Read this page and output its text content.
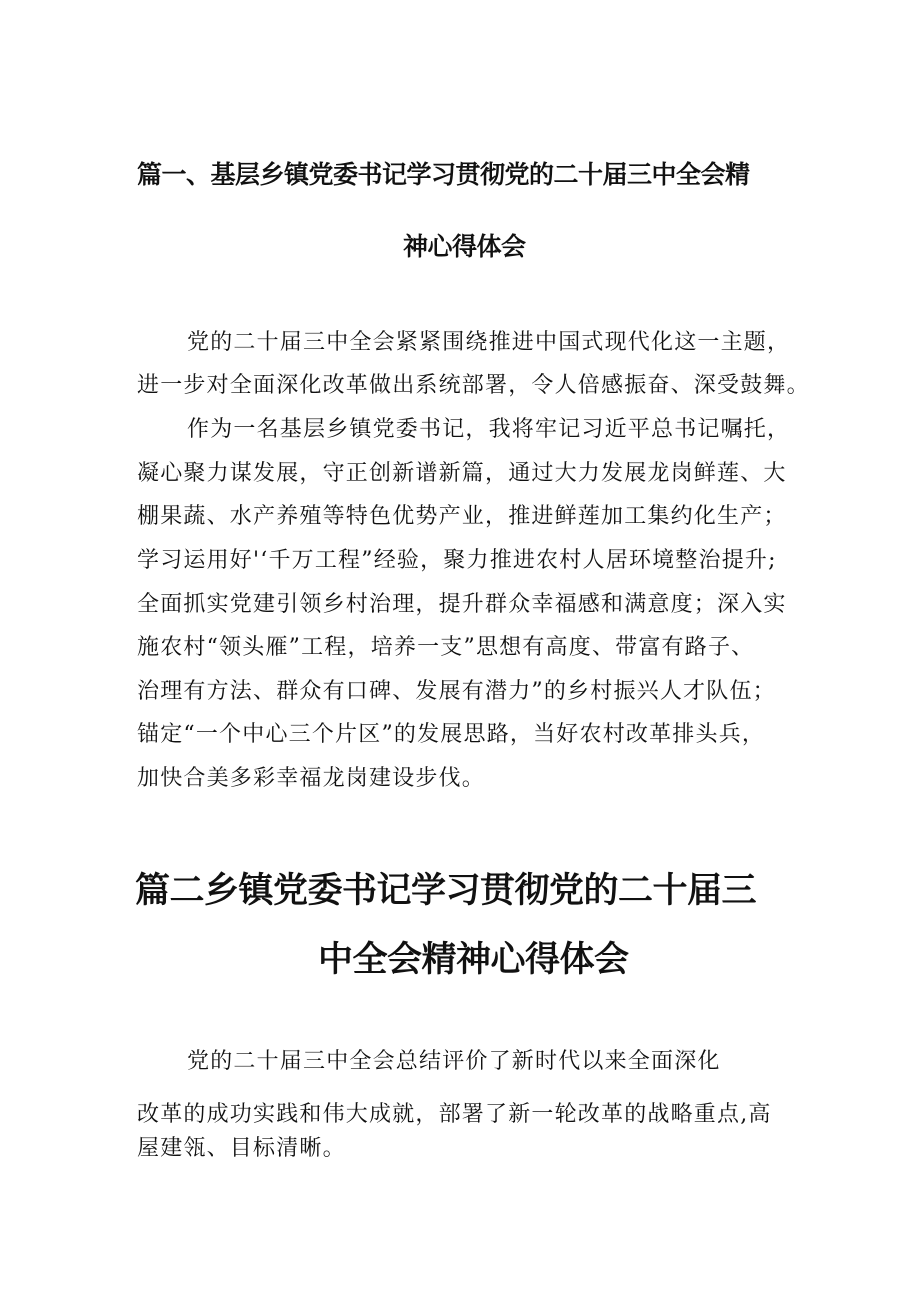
篇一、基层乡镇党委书记学习贯彻党的二十届三中全会精
神心得体会

党的二十届三中全会紧紧围绕推进中国式现代化这一主题，

进一步对全面深化改革做出系统部署，令人倍感振奋、深受鼓舞。

作为一名基层乡镇党委书记，我将牢记习近平总书记嘱托，

凝心聚力谋发展，守正创新谱新篇，通过大力发展龙岗鲜莲、大

棚果蔬、水产养殖等特色优势产业，推进鲜莲加工集约化生产；

学习运用好'‘千万工程”经验，聚力推进农村人居环境整治提升;

全面抓实党建引领乡村治理，提升群众幸福感和满意度；深入实

施农村“领头雁”工程，培养一支”思想有高度、带富有路子、

治理有方法、群众有口碑、发展有潜力”的乡村振兴人才队伍；

锚定“一个中心三个片区”的发展思路，当好农村改革排头兵，

加快合美多彩幸福龙岗建设步伐。

篇二乡镇党委书记学习贯彻党的二十届三
中全会精神心得体会

党的二十届三中全会总结评价了新时代以来全面深化

改革的成功实践和伟大成就，部署了新一轮改革的战略重点,高

屋建瓴、目标清晰。
